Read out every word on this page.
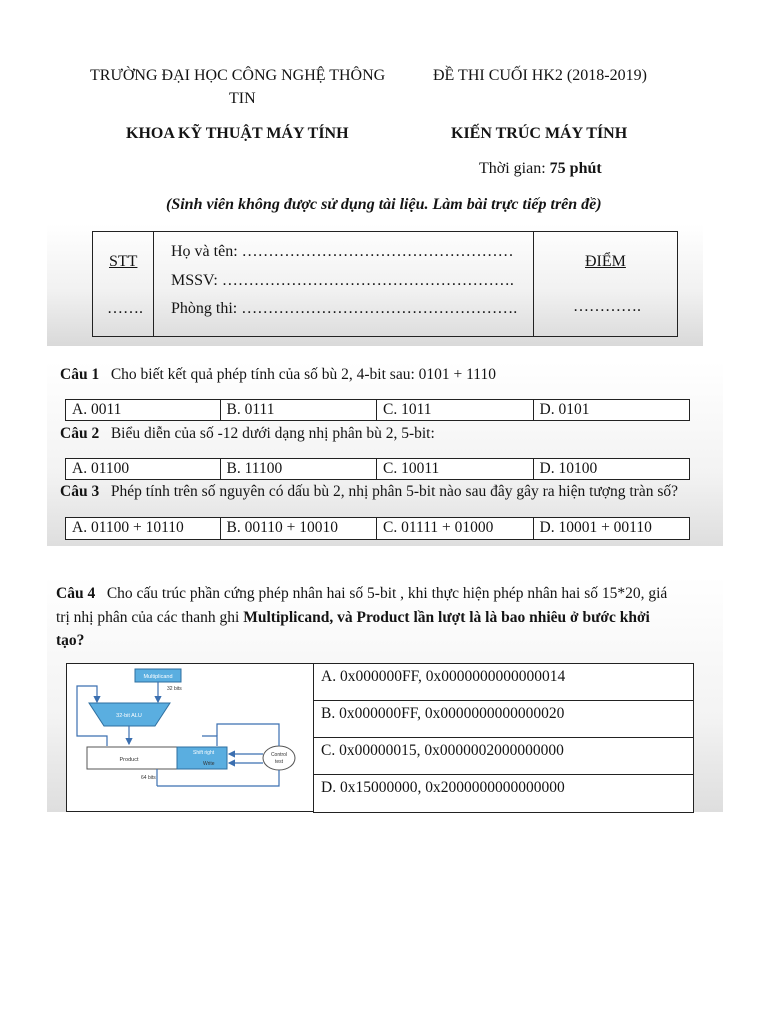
TRƯỜNG ĐẠI HỌC CÔNG NGHỆ THÔNG
TIN
ĐỀ THI CUỐI HK2 (2018-2019)
KHOA KỸ THUẬT MÁY TÍNH	KIẾN TRÚC MÁY TÍNH
Thời gian: 75 phút
(Sinh viên không được sử dụng tài liệu. Làm bài trực tiếp trên đề)
STT
…….
Họ và tên: ……………………………………………
MSSV: ……………………………………………….
Phòng thi: …………………………………………….
ĐIỂM
………….
Câu 1 Cho biết kết quả phép tính của số bù 2, 4-bit sau: 0101 + 1110
A. 0011	B. 0111	C. 1011	D. 0101
Câu 2 Biểu diễn của số -12 dưới dạng nhị phân bù 2, 5-bit:
A. 01100	B. 11100	C. 10011	D. 10100
Câu 3 Phép tính trên số nguyên có dấu bù 2, nhị phân 5-bit nào sau đây gây ra hiện tượng tràn số?
A. 01100 + 10110	B. 00110 + 10010	C. 01111 + 01000	D. 10001 + 00110
Câu 4 Cho cấu trúc phần cứng phép nhân hai số 5-bit , khi thực hiện phép nhân hai số 15*20, giá
trị nhị phân của các thanh ghi Multiplicand, và Product lần lượt là là bao nhiêu ở bước khởi
tạo?
Multiplicand
32 bits
32-bit ALU
Product
Shift right
Write
64 bits
Control
test
A. 0x000000FF, 0x0000000000000014
B. 0x000000FF, 0x0000000000000020
C. 0x00000015, 0x0000002000000000
D. 0x15000000, 0x2000000000000000
